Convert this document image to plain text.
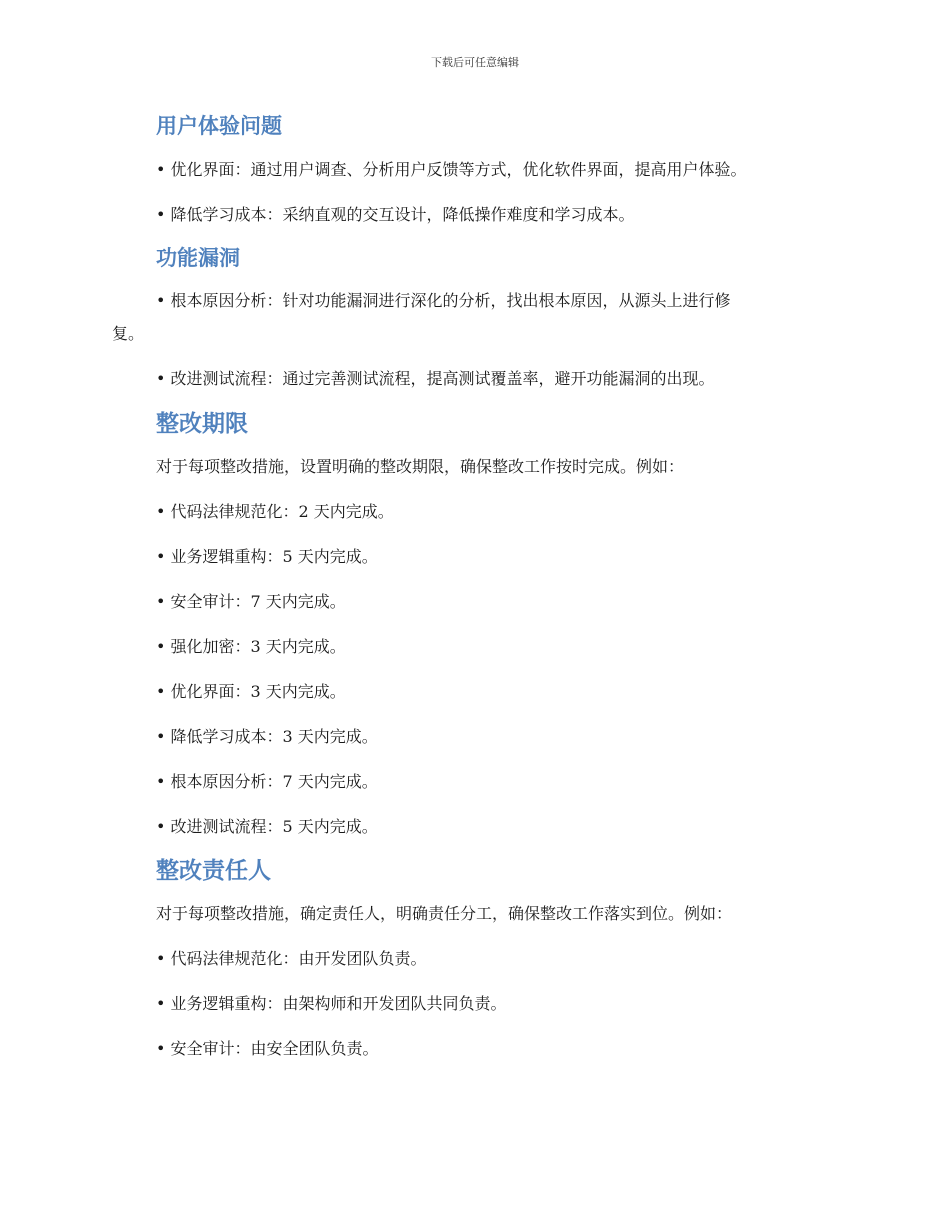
下载后可任意编辑
用户体验问题

• 优化界面：通过用户调查、分析用户反馈等方式，优化软件界面，提高用户体验。

• 降低学习成本：采纳直观的交互设计，降低操作难度和学习成本。

功能漏洞
• 根本原因分析：针对功能漏洞进行深化的分析，找出根本原因，从源头上进行修
复。

• 改进测试流程：通过完善测试流程，提高测试覆盖率，避开功能漏洞的出现。

整改期限

对于每项整改措施，设置明确的整改期限，确保整改工作按时完成。例如：

• 代码法律规范化：2 天内完成。

• 业务逻辑重构：5 天内完成。

• 安全审计：7 天内完成。

• 强化加密：3 天内完成。

• 优化界面：3 天内完成。

• 降低学习成本：3 天内完成。

• 根本原因分析：7 天内完成。

• 改进测试流程：5 天内完成。

整改责任人

对于每项整改措施，确定责任人，明确责任分工，确保整改工作落实到位。例如：

• 代码法律规范化：由开发团队负责。

• 业务逻辑重构：由架构师和开发团队共同负责。

• 安全审计：由安全团队负责。
